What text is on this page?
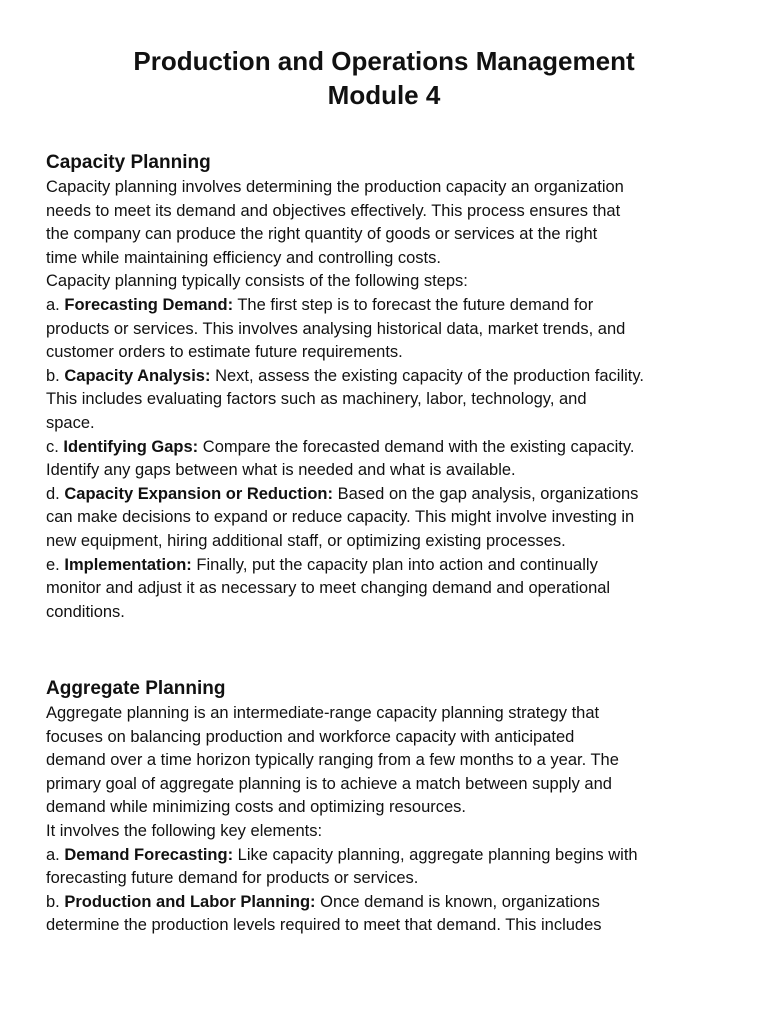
Production and Operations Management
Module 4
Capacity Planning
Capacity planning involves determining the production capacity an organization
needs to meet its demand and objectives effectively. This process ensures that
the company can produce the right quantity of goods or services at the right
time while maintaining efficiency and controlling costs.
Capacity planning typically consists of the following steps:
a. Forecasting Demand: The first step is to forecast the future demand for
products or services. This involves analysing historical data, market trends, and
customer orders to estimate future requirements.
b. Capacity Analysis: Next, assess the existing capacity of the production facility.
This includes evaluating factors such as machinery, labor, technology, and
space.
c. Identifying Gaps: Compare the forecasted demand with the existing capacity.
Identify any gaps between what is needed and what is available.
d. Capacity Expansion or Reduction: Based on the gap analysis, organizations
can make decisions to expand or reduce capacity. This might involve investing in
new equipment, hiring additional staff, or optimizing existing processes.
e. Implementation: Finally, put the capacity plan into action and continually
monitor and adjust it as necessary to meet changing demand and operational
conditions.
Aggregate Planning
Aggregate planning is an intermediate-range capacity planning strategy that
focuses on balancing production and workforce capacity with anticipated
demand over a time horizon typically ranging from a few months to a year. The
primary goal of aggregate planning is to achieve a match between supply and
demand while minimizing costs and optimizing resources.
It involves the following key elements:
a. Demand Forecasting: Like capacity planning, aggregate planning begins with
forecasting future demand for products or services.
b. Production and Labor Planning: Once demand is known, organizations
determine the production levels required to meet that demand. This includes
